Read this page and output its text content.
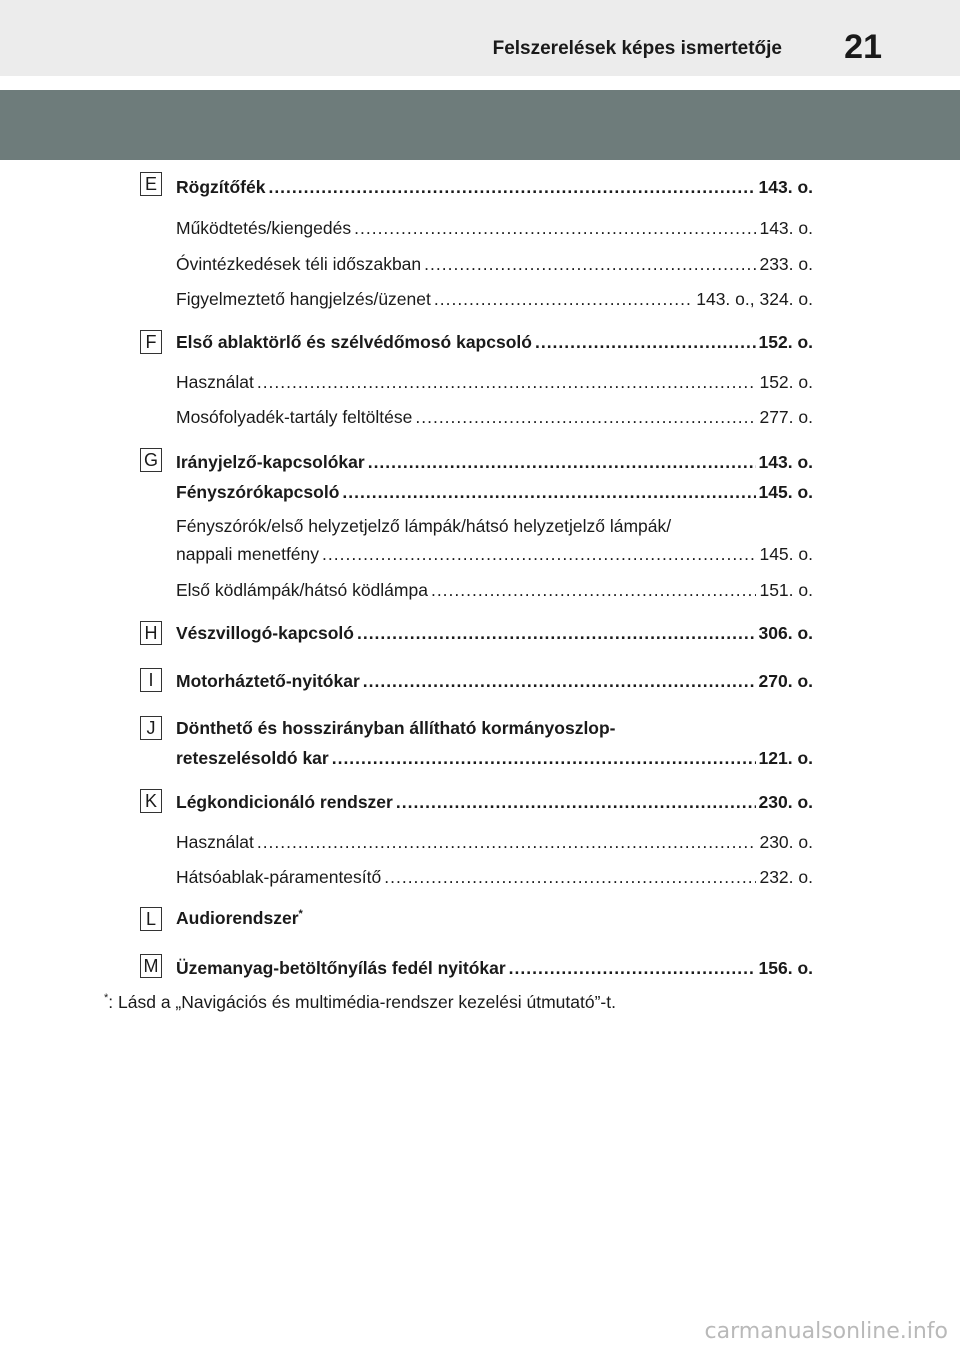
Felszerelések képes ismertetője 21
E Rögzítőfék .....	143. o.
Működtetés/kiengedés .....	143. o.
Óvintézkedések téli időszakban .....	233. o.
Figyelmeztető hangjelzés/üzenet .....	143. o., 324. o.
F	Első ablaktörlő és szélvédőmosó kapcsoló .....	152. o.
Használat .....	152. o.
Mosófolyadék-tartály feltöltése .....	277. o.
G Irányjelző-kapcsolókar .....	143. o.
Fényszórókapcsoló .....	145. o.
Fényszórók/első helyzetjelző lámpák/hátsó helyzetjelző lámpák/
nappali menetfény .....	145. o.
Első ködlámpák/hátsó ködlámpa .....	151. o.
H Vészvillogó-kapcsoló .....	306. o.
I	Motorháztető-nyitókar .....	270. o.
J	Dönthető és hosszirányban állítható kormányoszlop-
reteszelésoldó kar .....	121. o.
K Légkondicionáló rendszer .....	230. o.
Használat .....	230. o.
Hátsóablak-páramentesítő .....	232. o.
L	Audiorendszer*
M Üzemanyag-betöltőnyílás fedél nyitókar .....	156. o.
*: Lásd a „Navigációs és multimédia-rendszer kezelési útmutató”-t.
carmanualsonline.info
